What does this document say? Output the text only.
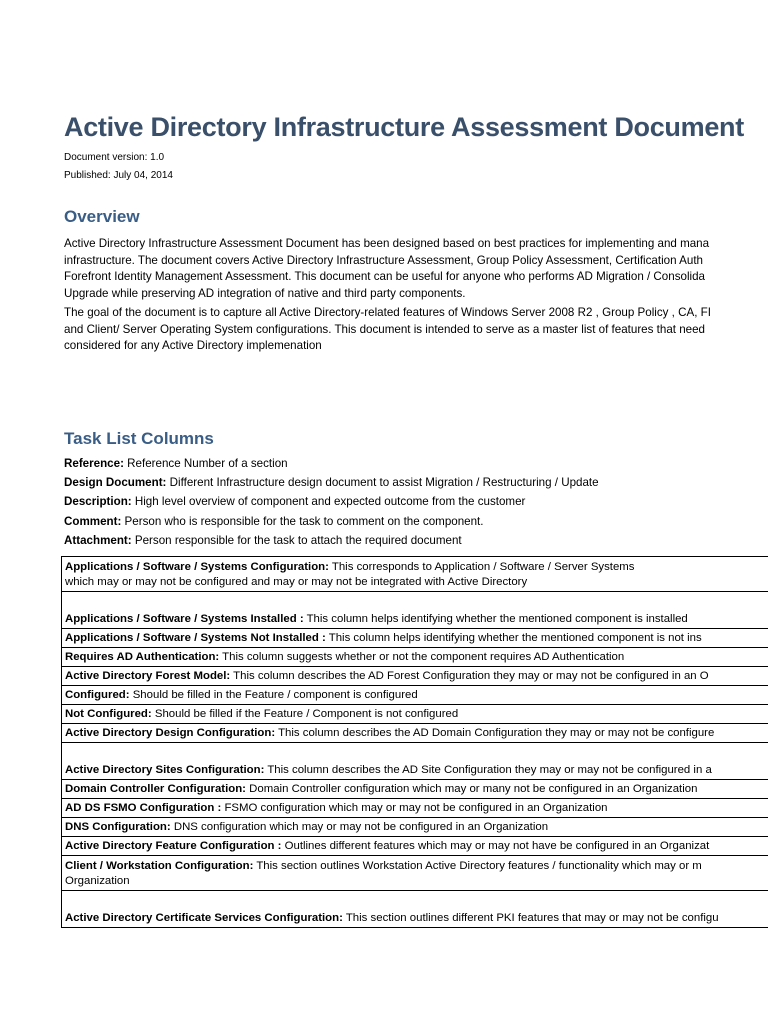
Active Directory Infrastructure Assessment Document
Document version: 1.0
Published: July 04, 2014
Overview
Active Directory Infrastructure Assessment Document has been designed based on best practices for implementing and mana
infrastructure. The document covers Active Directory Infrastructure Assessment, Group Policy Assessment, Certification Auth
Forefront Identity Management Assessment. This document can be useful for anyone who performs AD Migration / Consolida
Upgrade while preserving AD integration of native and third party components.
The goal of the document is to capture all Active Directory-related features of Windows Server 2008 R2 , Group Policy , CA, FI
and Client/ Server Operating System configurations. This document is intended to serve as a master list of features that need
considered for any Active Directory implemenation
Task List Columns
Reference: Reference Number of a section
Design Document: Different Infrastructure design document to assist Migration / Restructuring / Update
Description: High level overview of component and expected outcome from the customer
Comment: Person who is responsible for the task to comment on the component.
Attachment: Person responsible for the task to attach the required document
Applications / Software / Systems Configuration: This corresponds to Application / Software / Server Systems
which may or may not be configured and may or may not be integrated with Active Directory
Applications / Software / Systems Installed : This column helps identifying whether the mentioned component is installed
Applications / Software / Systems Not Installed : This column helps identifying whether the mentioned component is not ins
Requires AD Authentication: This column suggests whether or not the component requires AD Authentication
Active Directory Forest Model: This column describes the AD Forest Configuration they may or may not be configured in an O
Configured: Should be filled in the Feature / component is configured
Not Configured: Should be filled if the Feature / Component is not configured
Active Directory Design Configuration: This column describes the AD Domain Configuration they may or may not be configure
Active Directory Sites Configuration: This column describes the AD Site Configuration they may or may not be configured in a
Domain Controller Configuration: Domain Controller configuration which may or many not be configured in an Organization
AD DS FSMO Configuration : FSMO configuration which may or may not be configured in an Organization
DNS Configuration: DNS configuration which may or may not be configured in an Organization
Active Directory Feature Configuration : Outlines different features which may or may not have be configured in an Organizat
Client / Workstation Configuration: This section outlines Workstation Active Directory features / functionality which may or m
Organization
Active Directory Certificate Services Configuration: This section outlines different PKI features that may or may not be configu
